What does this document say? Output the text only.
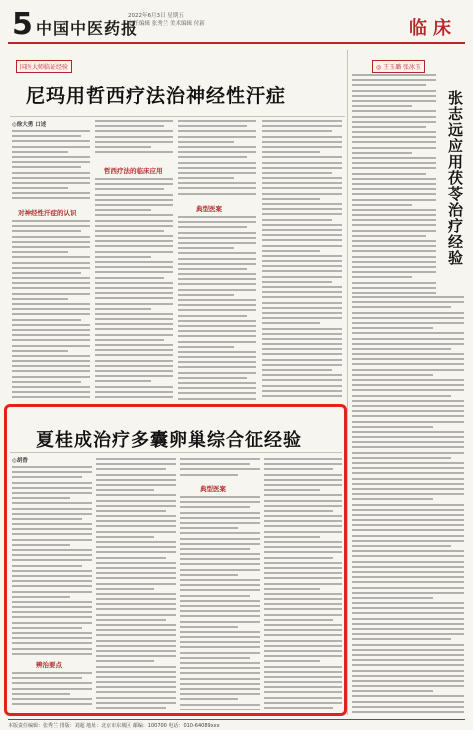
5 中国中医药报
2022年6月3日 星期五
责任编辑 张秀兰 美术编辑 付新	临床
国医大师临证经验
尼玛用哲西疗法治神经性汗症
◎徐大勇 口述
对神经性汗症的认识
哲西疗法的临床应用
典型医案
◎ 王玉璐 张冰玉
张志远应用茯苓治疗经验
夏桂成治疗多囊卵巢综合征经验
◎胡香
辨治要点
典型医案
本版责任编辑：张秀兰 排版：刘超 地址：北京市东城区 邮编：100700 电话：010-64089xxx
